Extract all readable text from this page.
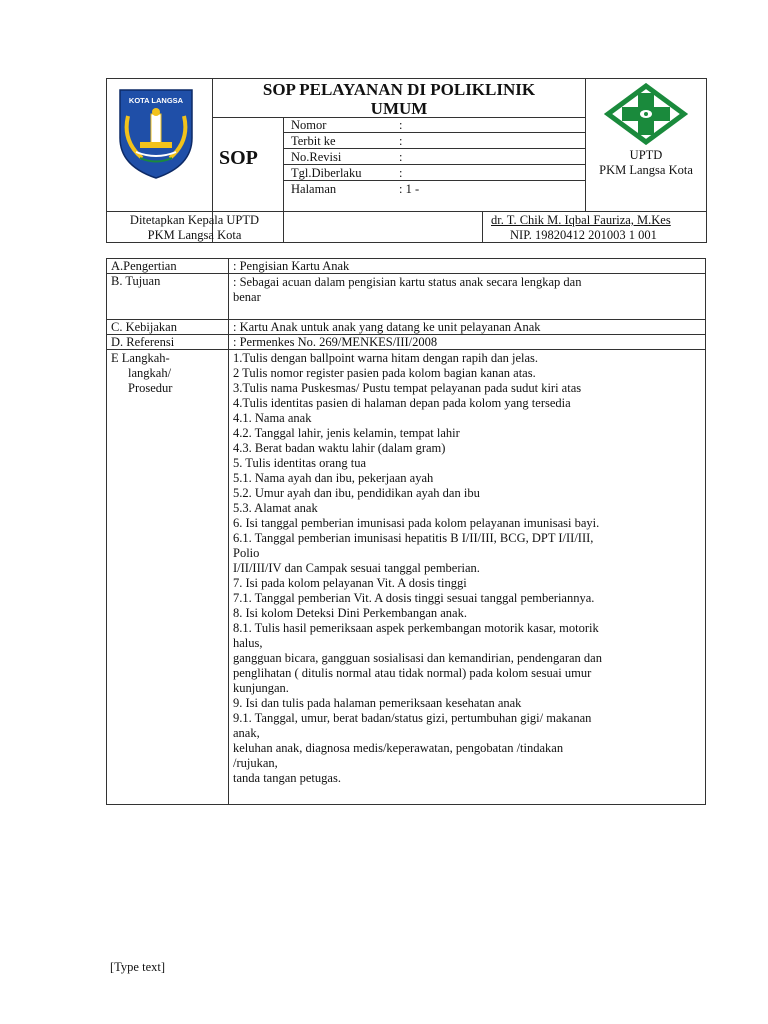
KOTA LANGSA
SOP PELAYANAN DI POLIKLINIK
UMUM
SOP
Nomor	:
Terbit ke	:
No.Revisi	:
Tgl.Diberlaku	:
Halaman	: 1 -
UPTD
PKM Langsa Kota
Ditetapkan Kepala UPTD
PKM Langsa Kota
dr. T. Chik M. Iqbal Fauriza, M.Kes
NIP. 19820412 201003 1 001
A.Pengertian	: Pengisian Kartu Anak
B. Tujuan	: Sebagai acuan dalam pengisian kartu status anak secara lengkap dan
benar
C. Kebijakan	: Kartu Anak untuk anak yang datang ke unit pelayanan Anak
D. Referensi	: Permenkes No. 269/MENKES/III/2008
E Langkah-
langkah/
Prosedur
1.Tulis dengan ballpoint warna hitam dengan rapih dan jelas.
2 Tulis nomor register pasien pada kolom bagian kanan atas.
3.Tulis nama Puskesmas/ Pustu tempat pelayanan pada sudut kiri atas
4.Tulis identitas pasien di halaman depan pada kolom yang tersedia
4.1. Nama anak
4.2. Tanggal lahir, jenis kelamin, tempat lahir
4.3. Berat badan waktu lahir (dalam gram)
5. Tulis identitas orang tua
5.1. Nama ayah dan ibu, pekerjaan ayah
5.2. Umur ayah dan ibu, pendidikan ayah dan ibu
5.3. Alamat anak
6. Isi tanggal pemberian imunisasi pada kolom pelayanan imunisasi bayi.
6.1. Tanggal pemberian imunisasi hepatitis B I/II/III, BCG, DPT I/II/III,
Polio
I/II/III/IV dan Campak sesuai tanggal pemberian.
7. Isi pada kolom pelayanan Vit. A dosis tinggi
7.1. Tanggal pemberian Vit. A dosis tinggi sesuai tanggal pemberiannya.
8. Isi kolom Deteksi Dini Perkembangan anak.
8.1. Tulis hasil pemeriksaan aspek perkembangan motorik kasar, motorik
halus,
gangguan bicara, gangguan sosialisasi dan kemandirian, pendengaran dan
penglihatan ( ditulis normal atau tidak normal) pada kolom sesuai umur
kunjungan.
9. Isi dan tulis pada halaman pemeriksaan kesehatan anak
9.1. Tanggal, umur, berat badan/status gizi, pertumbuhan gigi/ makanan
anak,
keluhan anak, diagnosa medis/keperawatan, pengobatan /tindakan
/rujukan,
tanda tangan petugas.
[Type text]
